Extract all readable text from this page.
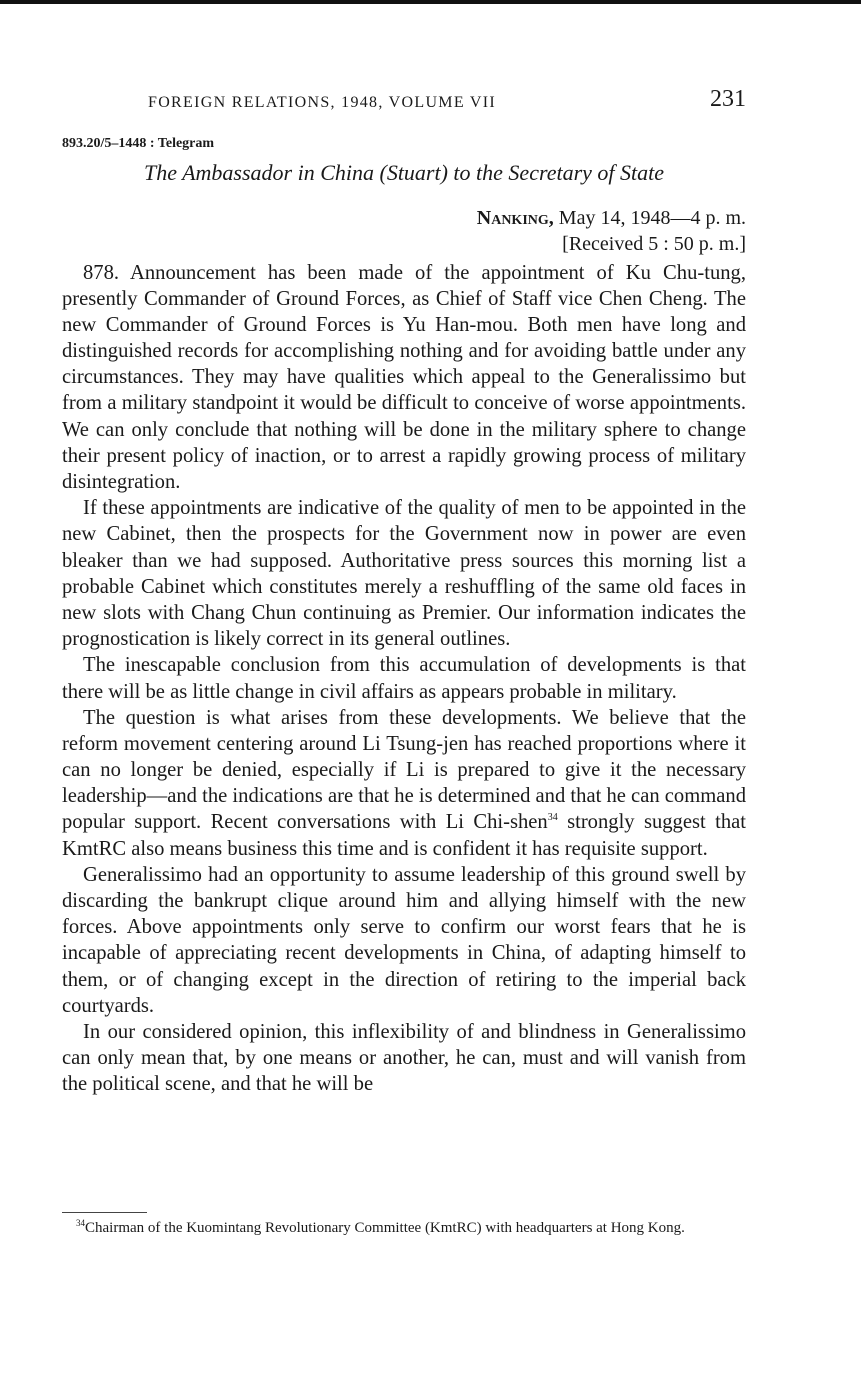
FOREIGN RELATIONS, 1948, VOLUME VII	231
893.20/5–1448 : Telegram
The Ambassador in China (Stuart) to the Secretary of State
Nanking, May 14, 1948—4 p. m.
[Received 5 : 50 p. m.]

878. Announcement has been made of the appointment of Ku Chu-tung, presently Commander of Ground Forces, as Chief of Staff vice Chen Cheng. The new Commander of Ground Forces is Yu Han-mou. Both men have long and distinguished records for accomplishing nothing and for avoiding battle under any circumstances. They may have qualities which appeal to the Generalissimo but from a military standpoint it would be difficult to conceive of worse appointments. We can only conclude that nothing will be done in the military sphere to change their present policy of inaction, or to arrest a rapidly growing process of military disintegration.

If these appointments are indicative of the quality of men to be appointed in the new Cabinet, then the prospects for the Government now in power are even bleaker than we had supposed. Authoritative press sources this morning list a probable Cabinet which constitutes merely a reshuffling of the same old faces in new slots with Chang Chun continuing as Premier. Our information indicates the prognostication is likely correct in its general outlines.

The inescapable conclusion from this accumulation of developments is that there will be as little change in civil affairs as appears probable in military.

The question is what arises from these developments. We believe that the reform movement centering around Li Tsung-jen has reached proportions where it can no longer be denied, especially if Li is prepared to give it the necessary leadership—and the indications are that he is determined and that he can command popular support. Recent conversations with Li Chi-shen$^{34}$ strongly suggest that KmtRC also means business this time and is confident it has requisite support.

Generalissimo had an opportunity to assume leadership of this ground swell by discarding the bankrupt clique around him and allying himself with the new forces. Above appointments only serve to confirm our worst fears that he is incapable of appreciating recent developments in China, of adapting himself to them, or of changing except in the direction of retiring to the imperial back courtyards.

In our considered opinion, this inflexibility of and blindness in Generalissimo can only mean that, by one means or another, he can, must and will vanish from the political scene, and that he will be

$^{34}$Chairman of the Kuomintang Revolutionary Committee (KmtRC) with headquarters at Hong Kong.
